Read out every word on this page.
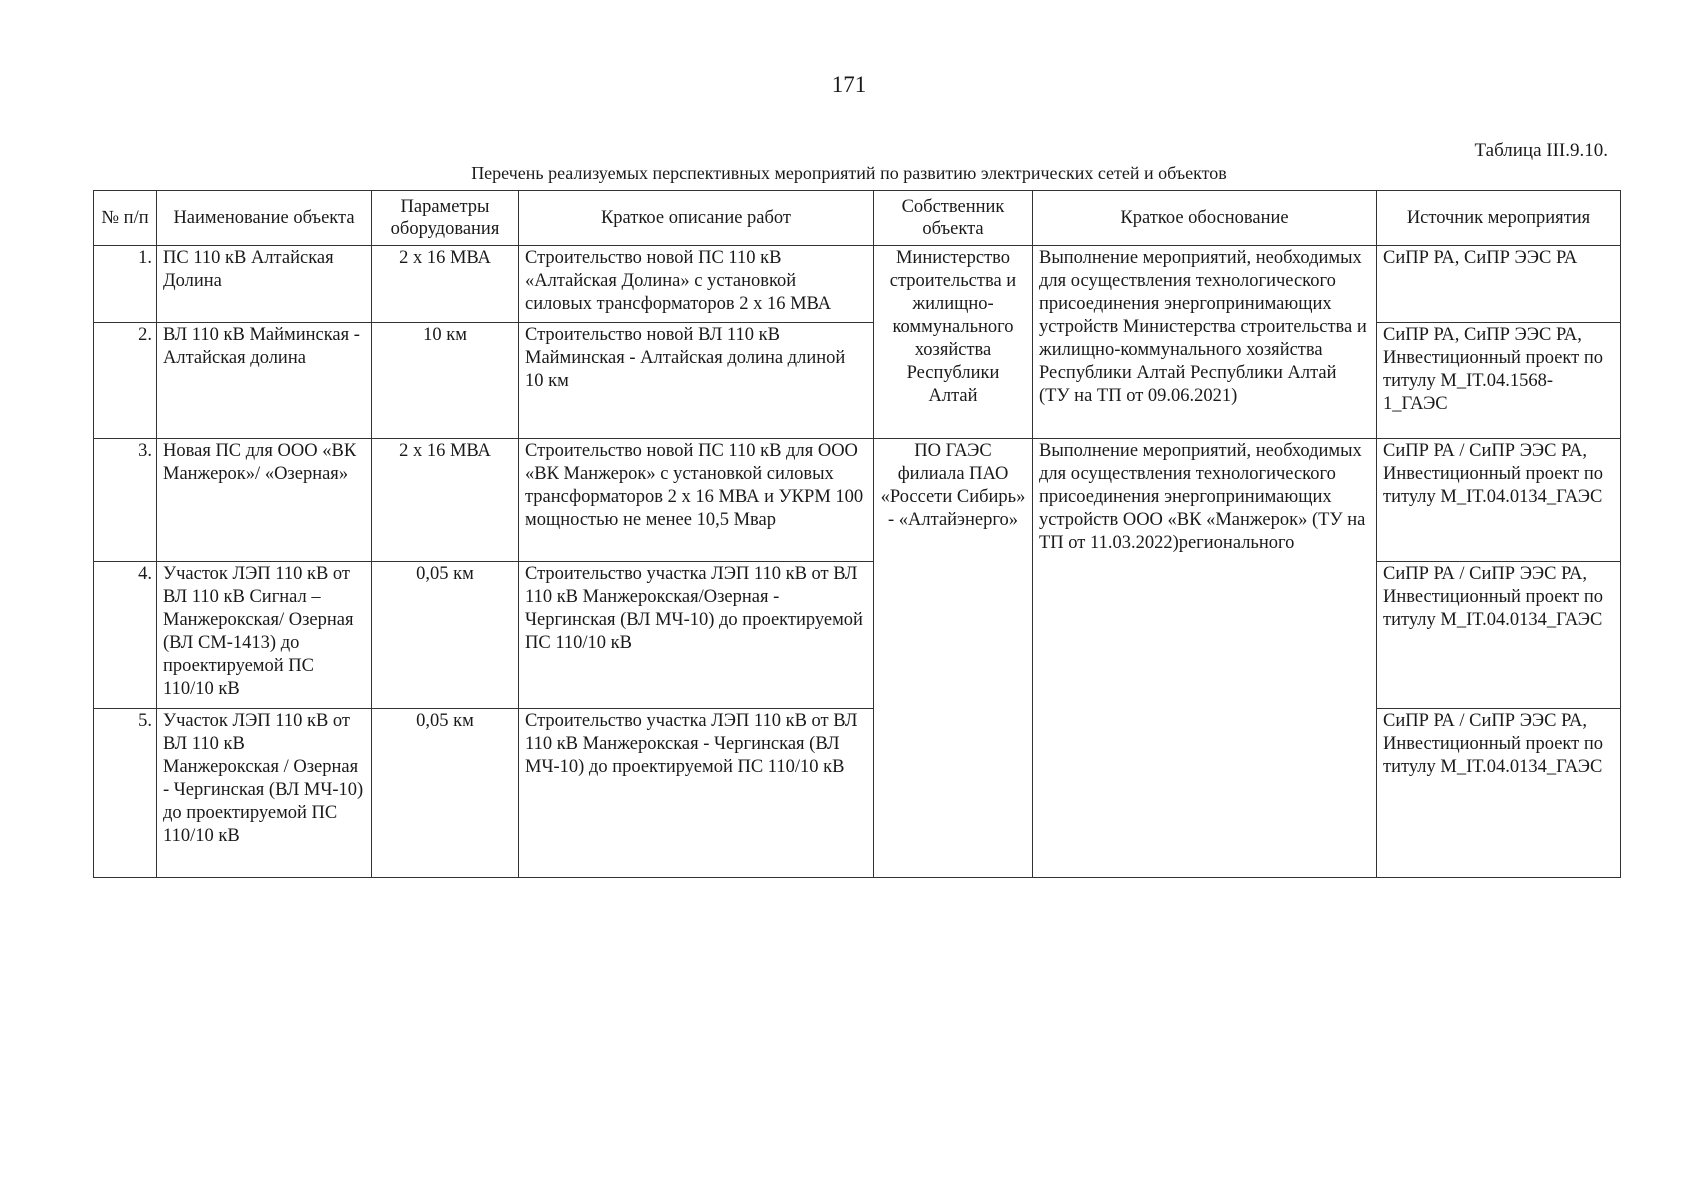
171
Таблица III.9.10.
Перечень реализуемых перспективных мероприятий по развитию электрических сетей и объектов
№ п/п	Наименование объекта	Параметры оборудования	Краткое описание работ	Собственник объекта	Краткое обоснование	Источник мероприятия
1.	ПС 110 кВ Алтайская Долина	2 х 16 МВА	Строительство новой ПС 110 кВ «Алтайская Долина» с установкой силовых трансформаторов 2 х 16 МВА	Министерство строительства и жилищно-коммунального хозяйства Республики Алтай	Выполнение мероприятий, необходимых для осуществления технологического присоединения энергопринимающих устройств Министерства строительства и жилищно-коммунального хозяйства Республики Алтай Республики Алтай (ТУ на ТП от 09.06.2021)	СиПР РА, СиПР ЭЭС РА
2.	ВЛ 110 кВ Майминская - Алтайская долина	10 км	Строительство новой ВЛ 110 кВ Майминская - Алтайская долина длиной 10 км			СиПР РА, СиПР ЭЭС РА, Инвестиционный проект по титулу M_IT.04.1568-1_ГАЭС
3.	Новая ПС для ООО «ВК Манжерок»/ «Озерная»	2 х 16 МВА	Строительство новой ПС 110 кВ для ООО «ВК Манжерок» с установкой силовых трансформаторов 2 х 16 МВА и УКРМ 100 мощностью не менее 10,5 Мвар	ПО ГАЭС филиала ПАО «Россети Сибирь» - «Алтайэнерго»	Выполнение мероприятий, необходимых для осуществления технологического присоединения энергопринимающих устройств ООО «ВК «Манжерок» (ТУ на ТП от 11.03.2022)регионального	СиПР РА / СиПР ЭЭС РА, Инвестиционный проект по титулу M_IT.04.0134_ГАЭС
4.	Участок ЛЭП 110 кВ от ВЛ 110 кВ Сигнал – Манжерокская/ Озерная (ВЛ СМ-1413) до проектируемой ПС 110/10 кВ	0,05 км	Строительство участка ЛЭП 110 кВ от ВЛ 110 кВ Манжерокская/Озерная - Чергинская (ВЛ МЧ-10) до проектируемой ПС 110/10 кВ			СиПР РА / СиПР ЭЭС РА, Инвестиционный проект по титулу M_IT.04.0134_ГАЭС
5.	Участок ЛЭП 110 кВ от ВЛ 110 кВ Манжерокская / Озерная - Чергинская (ВЛ МЧ-10) до проектируемой ПС 110/10 кВ	0,05 км	Строительство участка ЛЭП 110 кВ от ВЛ 110 кВ Манжерокская - Чергинская (ВЛ МЧ-10) до проектируемой ПС 110/10 кВ			СиПР РА / СиПР ЭЭС РА, Инвестиционный проект по титулу M_IT.04.0134_ГАЭС
